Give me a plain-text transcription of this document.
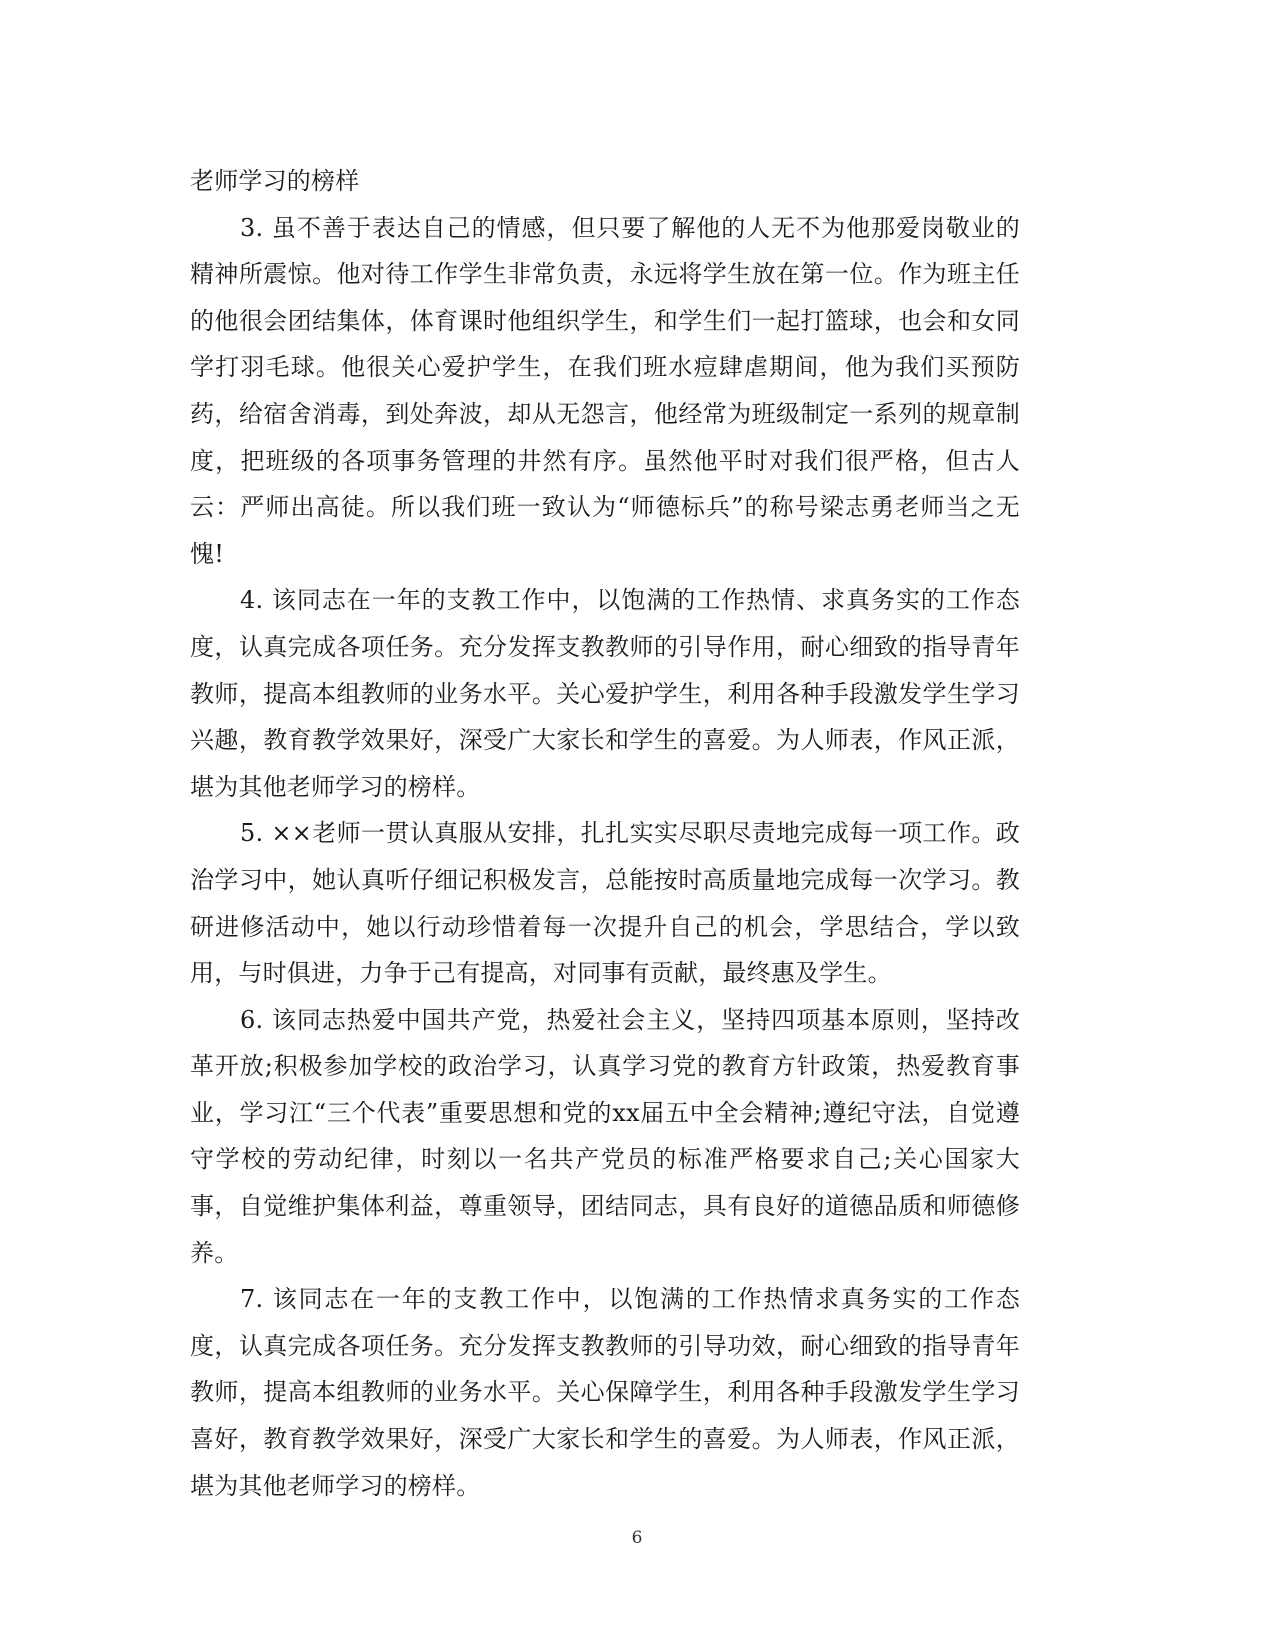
老师学习的榜样

3. 虽不善于表达自己的情感，但只要了解他的人无不为他那爱岗敬业的精神所震惊。他对待工作学生非常负责，永远将学生放在第一位。作为班主任的他很会团结集体，体育课时他组织学生，和学生们一起打篮球，也会和女同学打羽毛球。他很关心爱护学生，在我们班水痘肆虐期间，他为我们买预防药，给宿舍消毒，到处奔波，却从无怨言，他经常为班级制定一系列的规章制度，把班级的各项事务管理的井然有序。虽然他平时对我们很严格，但古人云：严师出高徒。所以我们班一致认为“师德标兵”的称号梁志勇老师当之无愧!

4. 该同志在一年的支教工作中，以饱满的工作热情、求真务实的工作态度，认真完成各项任务。充分发挥支教教师的引导作用，耐心细致的指导青年教师，提高本组教师的业务水平。关心爱护学生，利用各种手段激发学生学习兴趣，教育教学效果好，深受广大家长和学生的喜爱。为人师表，作风正派，堪为其他老师学习的榜样。

5. ××老师一贯认真服从安排，扎扎实实尽职尽责地完成每一项工作。政治学习中，她认真听仔细记积极发言，总能按时高质量地完成每一次学习。教研进修活动中，她以行动珍惜着每一次提升自己的机会，学思结合，学以致用，与时俱进，力争于己有提高，对同事有贡献，最终惠及学生。

6. 该同志热爱中国共产党，热爱社会主义，坚持四项基本原则，坚持改革开放;积极参加学校的政治学习，认真学习党的教育方针政策，热爱教育事业，学习江“三个代表”重要思想和党的xx届五中全会精神;遵纪守法，自觉遵守学校的劳动纪律，时刻以一名共产党员的标准严格要求自己;关心国家大事，自觉维护集体利益，尊重领导，团结同志，具有良好的道德品质和师德修养。

7. 该同志在一年的支教工作中，以饱满的工作热情求真务实的工作态度，认真完成各项任务。充分发挥支教教师的引导功效，耐心细致的指导青年教师，提高本组教师的业务水平。关心保障学生，利用各种手段激发学生学习喜好，教育教学效果好，深受广大家长和学生的喜爱。为人师表，作风正派，堪为其他老师学习的榜样。

6
